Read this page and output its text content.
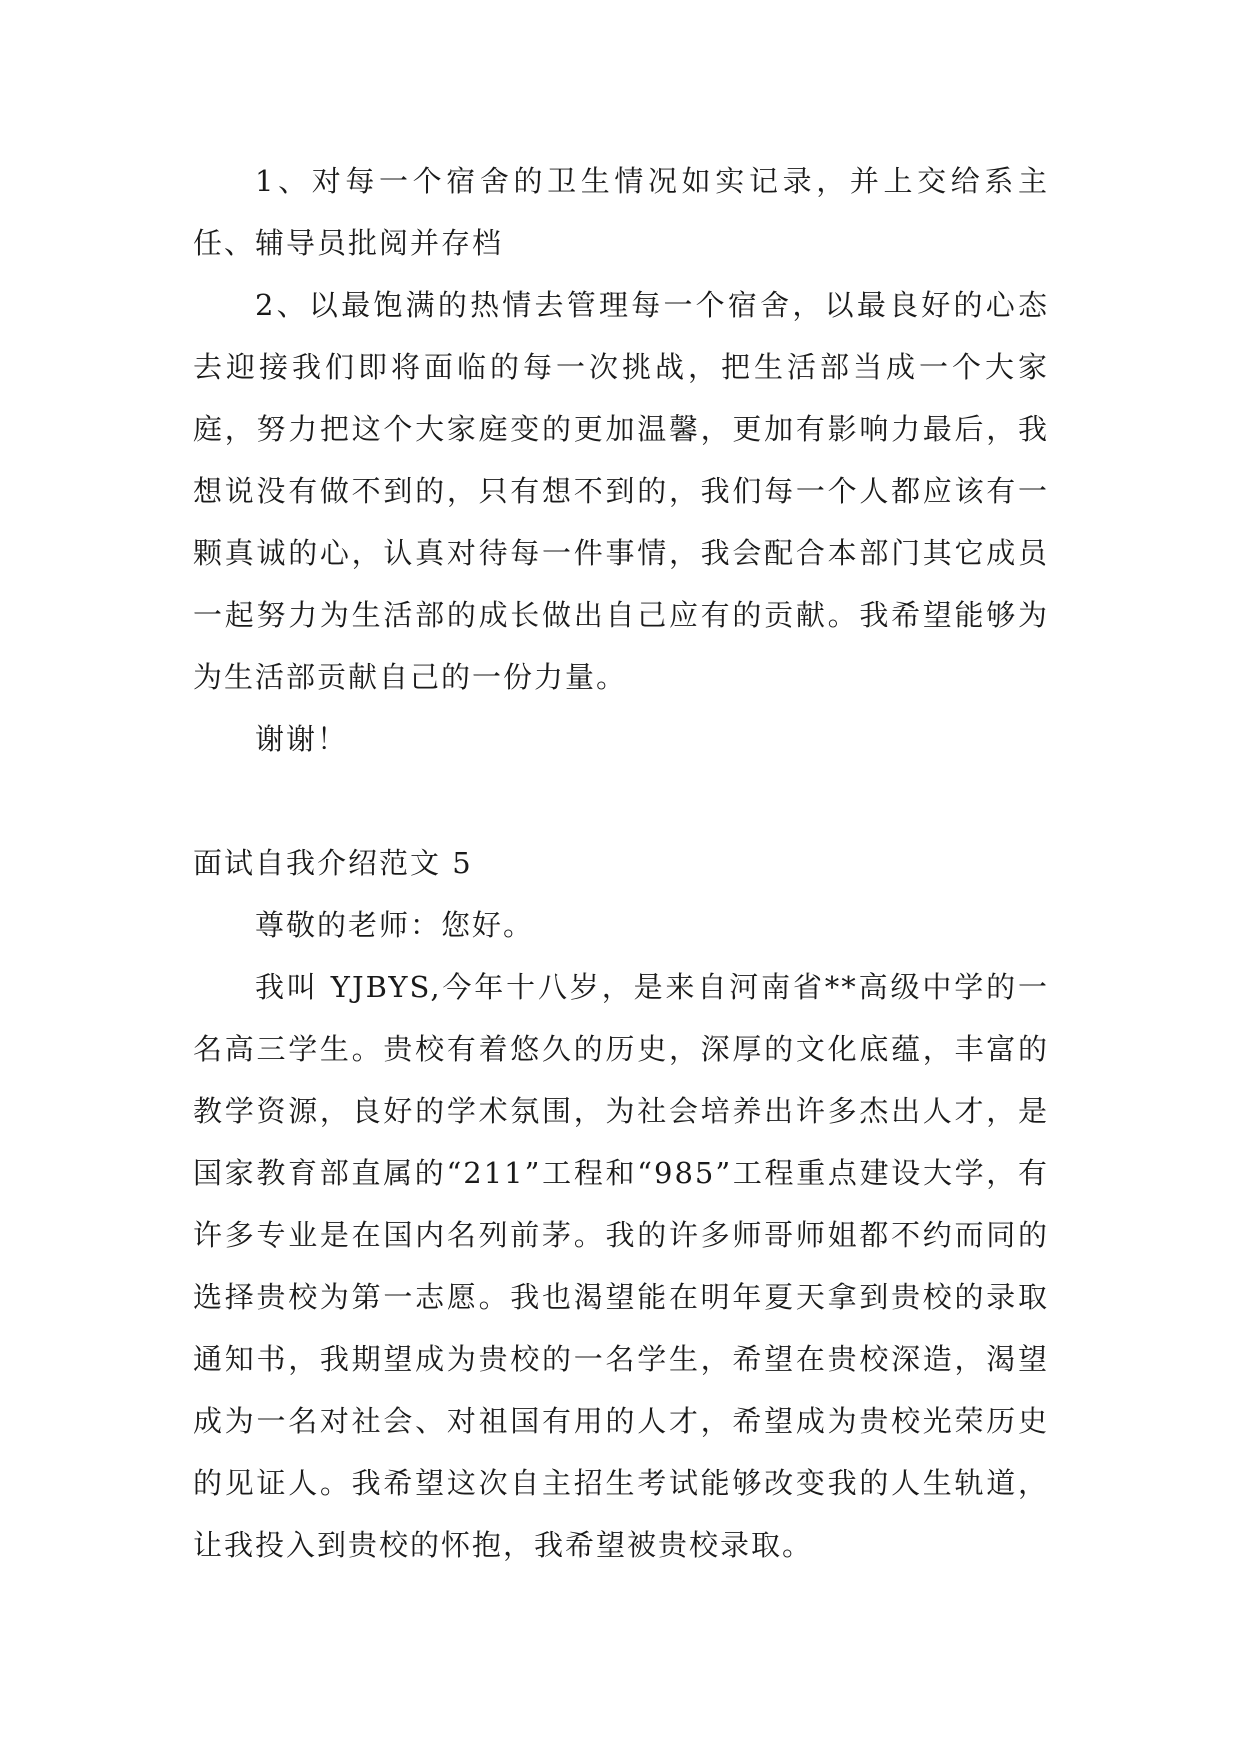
1、对每一个宿舍的卫生情况如实记录，并上交给系主任、辅导员批阅并存档

2、以最饱满的热情去管理每一个宿舍，以最良好的心态去迎接我们即将面临的每一次挑战，把生活部当成一个大家庭，努力把这个大家庭变的更加温馨，更加有影响力最后，我想说没有做不到的，只有想不到的，我们每一个人都应该有一颗真诚的心，认真对待每一件事情，我会配合本部门其它成员一起努力为生活部的成长做出自己应有的贡献。我希望能够为为生活部贡献自己的一份力量。

谢谢！

面试自我介绍范文 5

尊敬的老师：您好。

我叫 YJBYS,今年十八岁，是来自河南省**高级中学的一名高三学生。贵校有着悠久的历史，深厚的文化底蕴，丰富的教学资源，良好的学术氛围，为社会培养出许多杰出人才，是国家教育部直属的“211”工程和“985”工程重点建设大学，有许多专业是在国内名列前茅。我的许多师哥师姐都不约而同的选择贵校为第一志愿。我也渴望能在明年夏天拿到贵校的录取通知书，我期望成为贵校的一名学生，希望在贵校深造，渴望成为一名对社会、对祖国有用的人才，希望成为贵校光荣历史的见证人。我希望这次自主招生考试能够改变我的人生轨道，让我投入到贵校的怀抱，我希望被贵校录取。
